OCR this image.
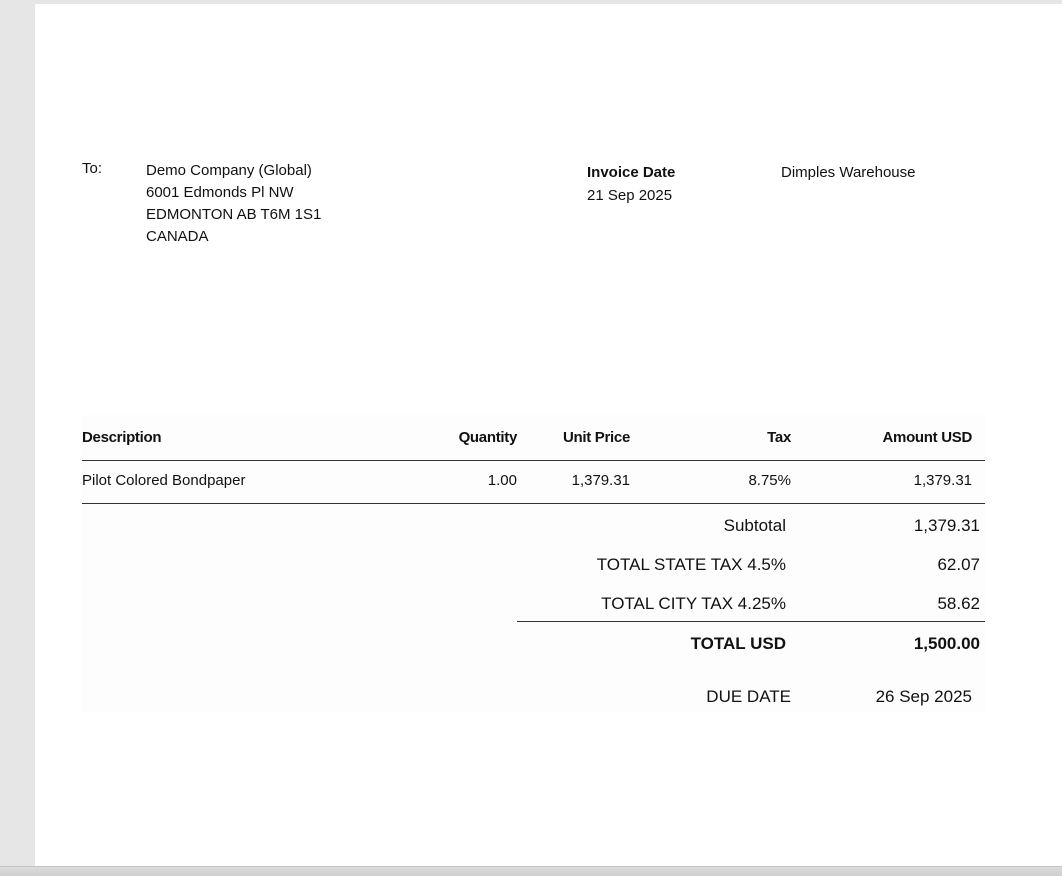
To:	Demo Company (Global)
6001 Edmonds Pl NW
EDMONTON AB T6M 1S1
CANADA
Invoice Date
21 Sep 2025
Dimples Warehouse
Description	Quantity	Unit Price	Tax	Amount USD
Pilot Colored Bondpaper	1.00	1,379.31	8.75%	1,379.31
Subtotal	1,379.31
TOTAL STATE TAX 4.5%	62.07
TOTAL CITY TAX 4.25%	58.62
TOTAL USD	1,500.00
DUE DATE	26 Sep 2025
